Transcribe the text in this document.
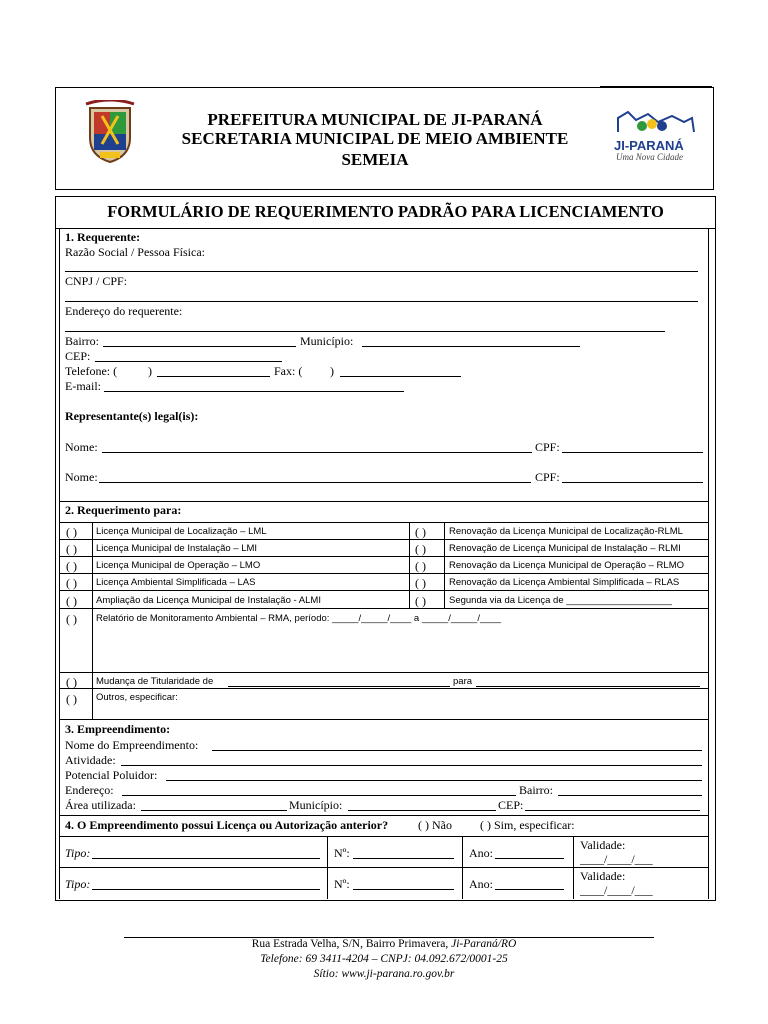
PREFEITURA MUNICIPAL DE JI-PARANÁ
SECRETARIA MUNICIPAL DE MEIO AMBIENTE
SEMEIA
JI-PARANÁ
Uma Nova Cidade
FORMULÁRIO DE REQUERIMENTO PADRÃO PARA LICENCIAMENTO
1. Requerente:
Razão Social / Pessoa Física:
CNPJ / CPF:
Endereço do requerente:
Bairro:	Município:
CEP:
Telefone: (	)	Fax: ( )
E-mail:
Representante(s) legal(is):
Nome:	CPF:
Nome:	CPF:
2. Requerimento para:
( ) Licença Municipal de Localização – LML	( ) Renovação da Licença Municipal de Localização-RLML
( ) Licença Municipal de Instalação – LMI	( ) Renovação de Licença Municipal de Instalação – RLMI
( ) Licença Municipal de Operação – LMO	( ) Renovação da Licença Municipal de Operação – RLMO
( ) Licença Ambiental Simplificada – LAS	( ) Renovação da Licença Ambiental Simplificada – RLAS
( ) Ampliação da Licença Municipal de Instalação - ALMI	( ) Segunda via da Licença de ____________________
( ) Relatório de Monitoramento Ambiental – RMA, período: _____/_____/____ a _____/_____/____
( ) Mudança de Titularidade de	para
( ) Outros, especificar:
3. Empreendimento:
Nome do Empreendimento:
Atividade:
Potencial Poluidor:
Endereço:	Bairro:
Área utilizada:	Município:	CEP:
4. O Empreendimento possui Licença ou Autorização anterior? ( ) Não ( ) Sim, especificar:
Tipo:	Nº:	Ano:
Validade:
____/____/___
Tipo:	Nº:	Ano:
Validade:
____/____/___
Rua Estrada Velha, S/N, Bairro Primavera, Ji-Paraná/RO
Telefone: 69 3411-4204 – CNPJ: 04.092.672/0001-25
Sítio: www.ji-parana.ro.gov.br
